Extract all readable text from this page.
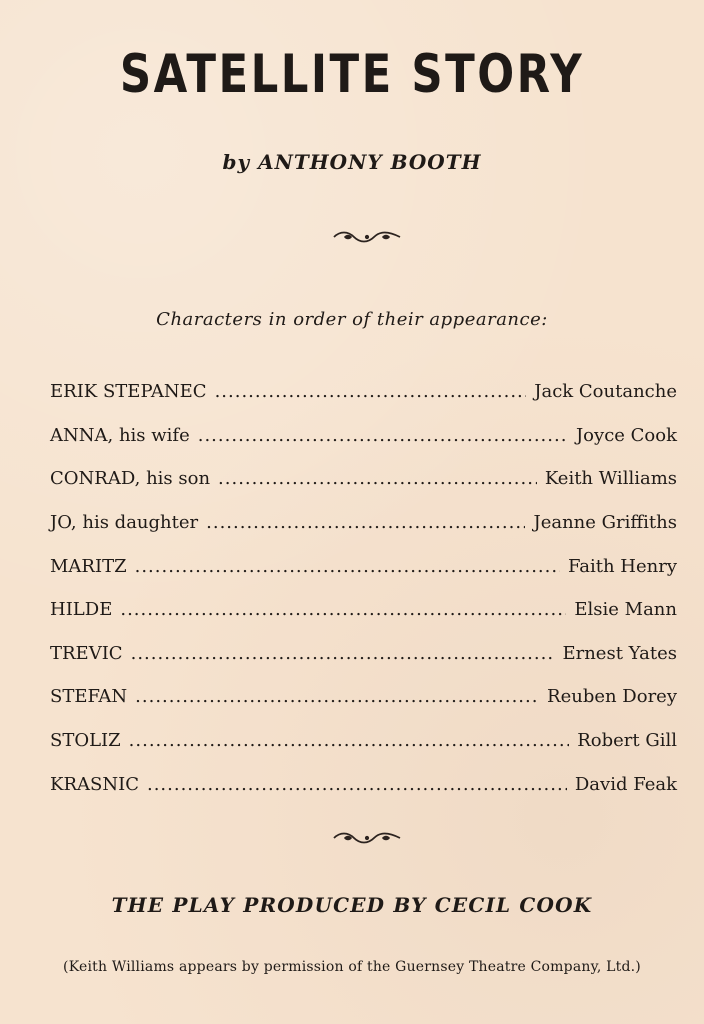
SATELLITE STORY
by ANTHONY BOOTH
Characters in order of their appearance:
ERIK STEPANEC .....	Jack Coutanche
ANNA, his wife .....	Joyce Cook
CONRAD, his son .....	Keith Williams
JO, his daughter .....	Jeanne Griffiths
MARITZ .....	Faith Henry
HILDE .....	Elsie Mann
TREVIC .....	Ernest Yates
STEFAN .....	Reuben Dorey
STOLIZ .....	Robert Gill
KRASNIC .....	David Feak
THE PLAY PRODUCED BY CECIL COOK
(Keith Williams appears by permission of the Guernsey Theatre Company, Ltd.)
